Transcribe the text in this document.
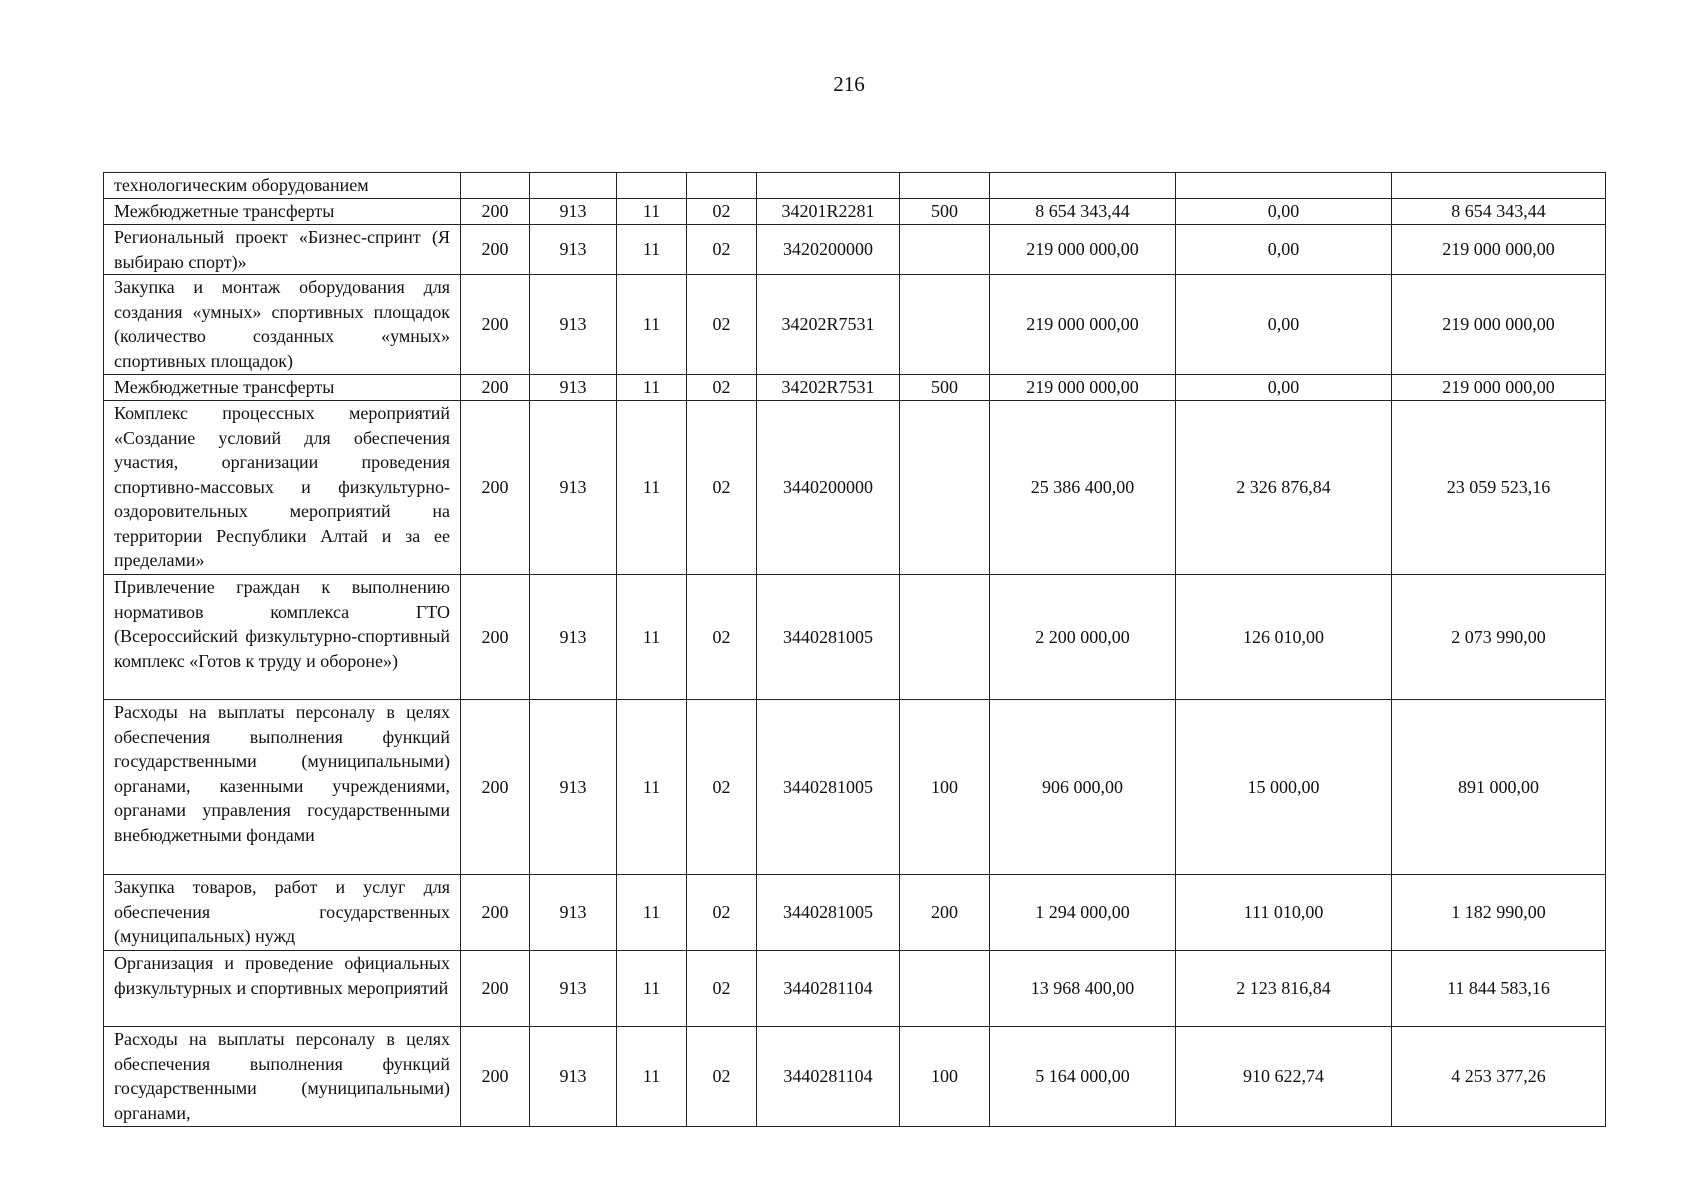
216
технологическим оборудованием									
Межбюджетные трансферты	200	913	11	02	34201R2281	500	8 654 343,44	0,00	8 654 343,44
Региональный проект «Бизнес-спринт (Я выбираю спорт)»	200	913	11	02	3420200000		219 000 000,00	0,00	219 000 000,00
Закупка и монтаж оборудования для создания «умных» спортивных площадок (количество созданных «умных» спортивных площадок)	200	913	11	02	34202R7531		219 000 000,00	0,00	219 000 000,00
Межбюджетные трансферты	200	913	11	02	34202R7531	500	219 000 000,00	0,00	219 000 000,00
Комплекс процессных мероприятий «Создание условий для обеспечения участия, организации проведения спортивно-массовых и физкультурно-оздоровительных мероприятий на территории Республики Алтай и за ее пределами»	200	913	11	02	3440200000		25 386 400,00	2 326 876,84	23 059 523,16
Привлечение граждан к выполнению нормативов комплекса ГТО (Всероссийский физкультурно-спортивный комплекс «Готов к труду и обороне»)	200	913	11	02	3440281005		2 200 000,00	126 010,00	2 073 990,00
Расходы на выплаты персоналу в целях обеспечения выполнения функций государственными (муниципальными) органами, казенными учреждениями, органами управления государственными внебюджетными фондами	200	913	11	02	3440281005	100	906 000,00	15 000,00	891 000,00
Закупка товаров, работ и услуг для обеспечения государственных (муниципальных) нужд	200	913	11	02	3440281005	200	1 294 000,00	111 010,00	1 182 990,00
Организация и проведение официальных физкультурных и спортивных мероприятий	200	913	11	02	3440281104		13 968 400,00	2 123 816,84	11 844 583,16
Расходы на выплаты персоналу в целях обеспечения выполнения функций государственными (муниципальными) органами,	200	913	11	02	3440281104	100	5 164 000,00	910 622,74	4 253 377,26
